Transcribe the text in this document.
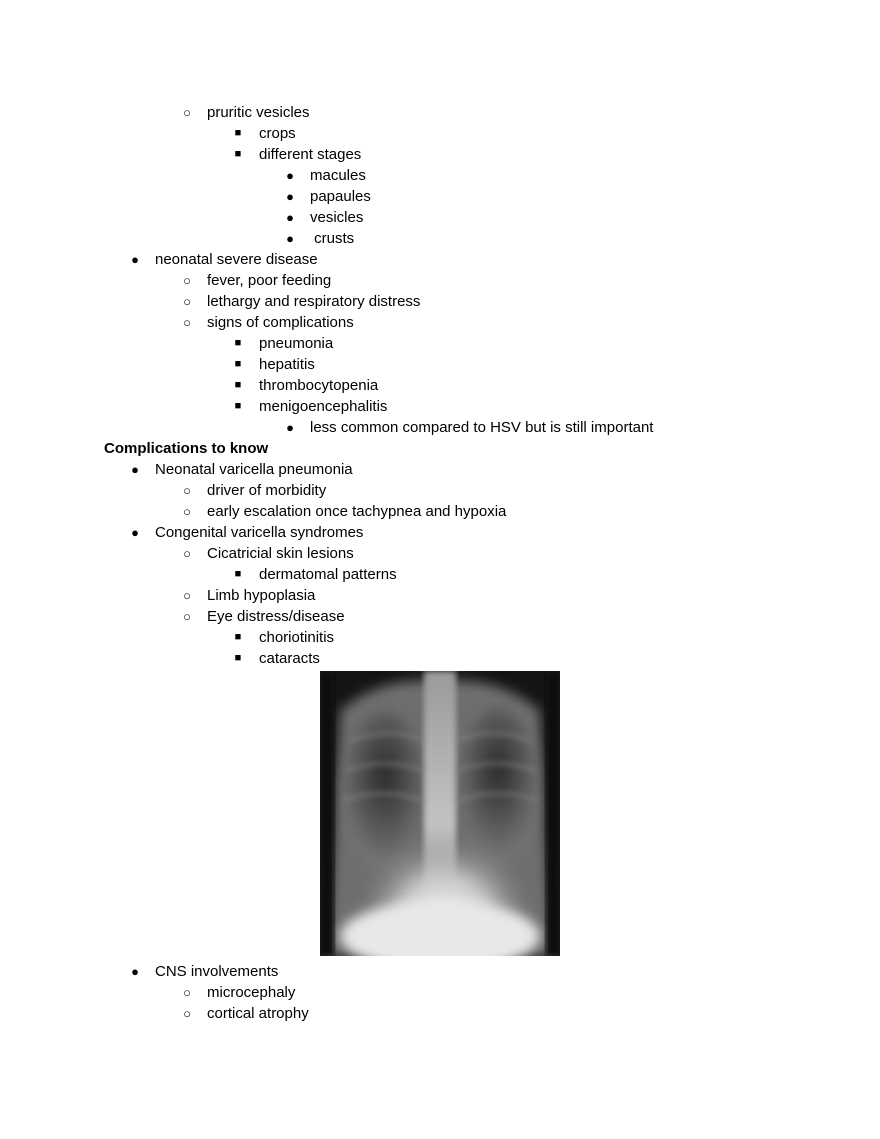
○ pruritic vesicles
■ crops
■ different stages
● macules
● papaules
● vesicles
● crusts
● neonatal severe disease
○ fever, poor feeding
○ lethargy and respiratory distress
○ signs of complications
■ pneumonia
■ hepatitis
■ thrombocytopenia
■ menigoencephalitis
● less common compared to HSV but is still important
Complications to know
● Neonatal varicella pneumonia
○ driver of morbidity
○ early escalation once tachypnea and hypoxia
● Congenital varicella syndromes
○ Cicatricial skin lesions
■ dermatomal patterns
○ Limb hypoplasia
○ Eye distress/disease
■ choriotinitis
■ cataracts
● CNS involvements
○ microcephaly
○ cortical atrophy
